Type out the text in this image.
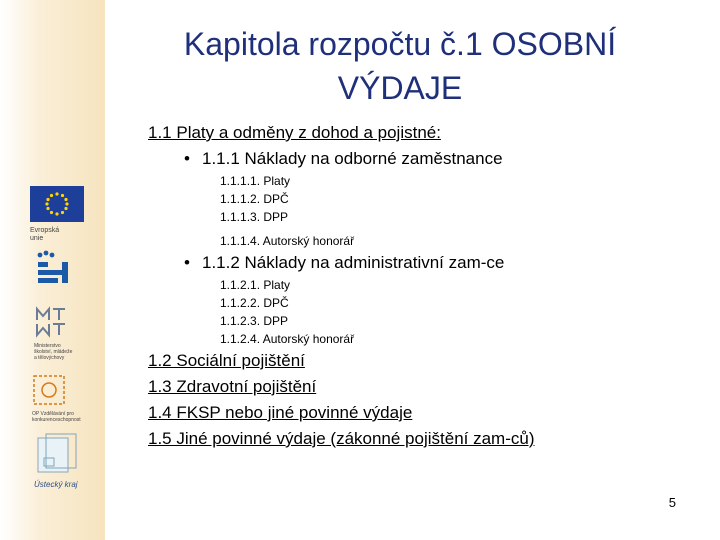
Evropská unie
Ministerstvo školství, mládeže a tělovýchovy
OP Vzdělávání pro konkurenceschopnost
Ústecký kraj
Kapitola rozpočtu č.1 OSOBNÍ VÝDAJE
1.1 Platy a odměny z dohod a pojistné:
• 1.1.1 Náklady na odborné zaměstnance
1.1.1.1. Platy
1.1.1.2. DPČ
1.1.1.3. DPP
1.1.1.4. Autorský honorář
• 1.1.2 Náklady na administrativní zam-ce
1.1.2.1. Platy
1.1.2.2. DPČ
1.1.2.3. DPP
1.1.2.4. Autorský honorář
1.2 Sociální pojištění
1.3 Zdravotní pojištění
1.4 FKSP nebo jiné povinné výdaje
1.5 Jiné povinné výdaje (zákonné pojištění zam-ců)
5
